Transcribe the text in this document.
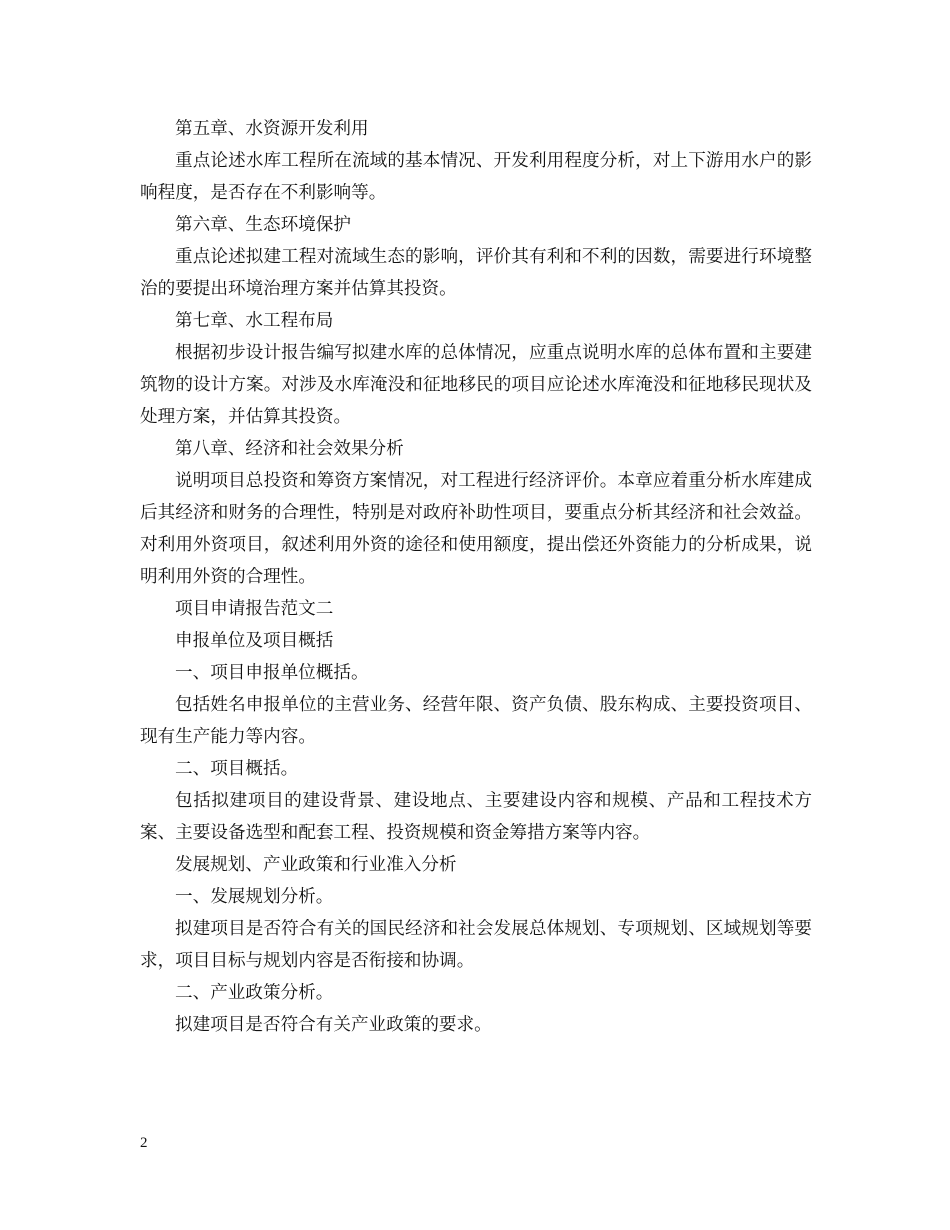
第五章、水资源开发利用

重点论述水库工程所在流域的基本情况、开发利用程度分析，对上下游用水户的影响程度，是否存在不利影响等。

第六章、生态环境保护

重点论述拟建工程对流域生态的影响，评价其有利和不利的因数，需要进行环境整治的要提出环境治理方案并估算其投资。

第七章、水工程布局

根据初步设计报告编写拟建水库的总体情况，应重点说明水库的总体布置和主要建筑物的设计方案。对涉及水库淹没和征地移民的项目应论述水库淹没和征地移民现状及处理方案，并估算其投资。

第八章、经济和社会效果分析

说明项目总投资和筹资方案情况，对工程进行经济评价。本章应着重分析水库建成后其经济和财务的合理性，特别是对政府补助性项目，要重点分析其经济和社会效益。对利用外资项目，叙述利用外资的途径和使用额度，提出偿还外资能力的分析成果，说明利用外资的合理性。

项目申请报告范文二

申报单位及项目概括

一、项目申报单位概括。

包括姓名申报单位的主营业务、经营年限、资产负债、股东构成、主要投资项目、现有生产能力等内容。

二、项目概括。

包括拟建项目的建设背景、建设地点、主要建设内容和规模、产品和工程技术方案、主要设备选型和配套工程、投资规模和资金筹措方案等内容。

发展规划、产业政策和行业准入分析

一、发展规划分析。

拟建项目是否符合有关的国民经济和社会发展总体规划、专项规划、区域规划等要求，项目目标与规划内容是否衔接和协调。

二、产业政策分析。

拟建项目是否符合有关产业政策的要求。

2
